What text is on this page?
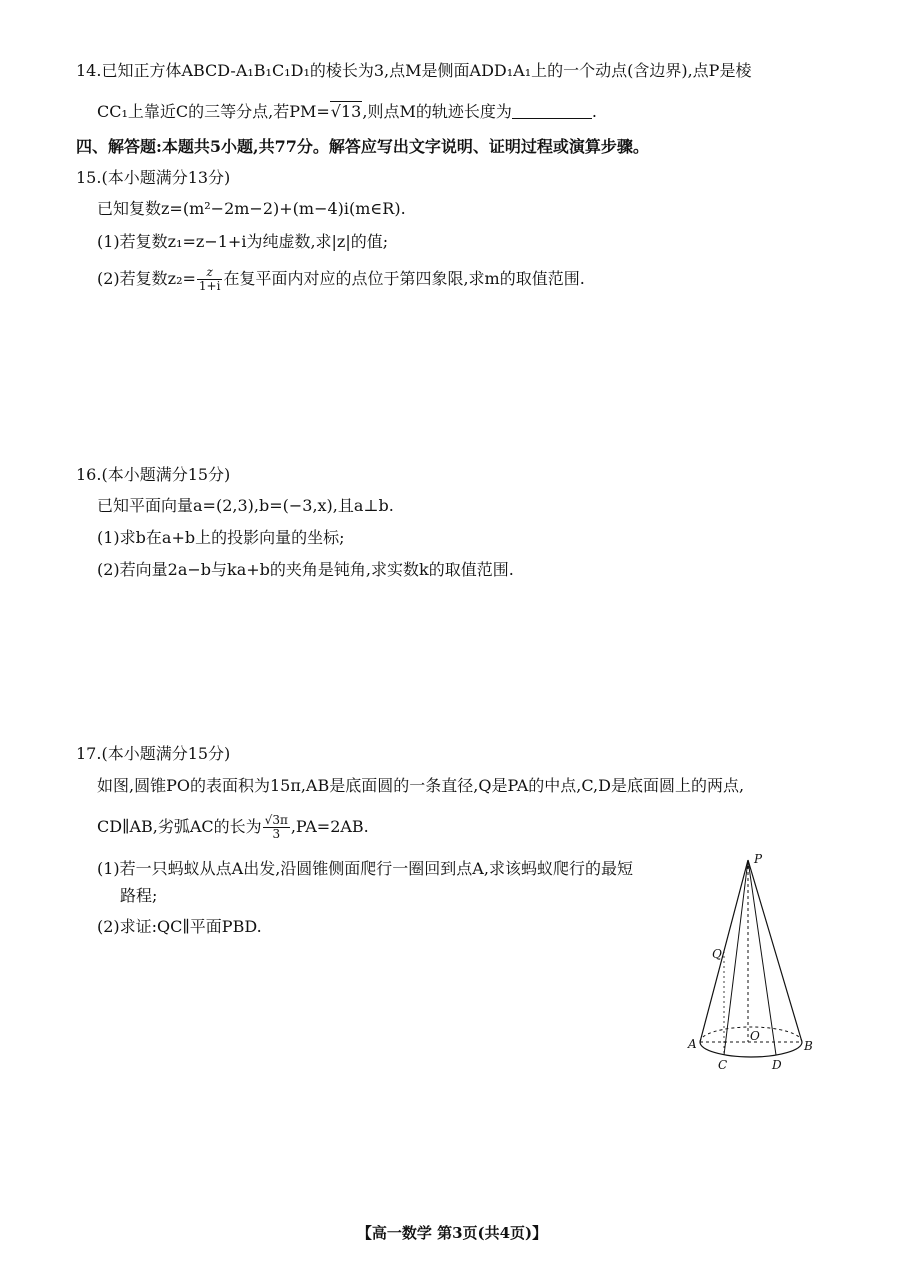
14.已知正方体ABCD-A₁B₁C₁D₁的棱长为3,点M是侧面ADD₁A₁上的一个动点(含边界),点P是棱
CC₁上靠近C的三等分点,若PM=√13,则点M的轨迹长度为	.
四、解答题:本题共5小题,共77分。解答应写出文字说明、证明过程或演算步骤。
15.(本小题满分13分)
已知复数z=(m²−2m−2)+(m−4)i(m∈R).
(1)若复数z₁=z−1+i为纯虚数,求|z|的值;
(2)若复数$z_2= \frac{z}{1+i}$ 在复平面内对应的点位于第四象限,求m的取值范围.
16.(本小题满分15分)
已知平面向量a=(2,3),b=(−3,x),且a⊥b.
(1)求b在a+b上的投影向量的坐标;
(2)若向量2a−b与ka+b的夹角是钝角,求实数k的取值范围.
17.(本小题满分15分)
如图,圆锥PO的表面积为15π,AB是底面圆的一条直径,Q是PA的中点,C,D是底面圆上的两点,
CD∥AB,劣弧AC的长为 $\frac{√3\pi}{3} ,PA=2AB$.
(1)若一只蚂蚁从点A出发,沿圆锥侧面爬行一圈回到点A,求该蚂蚁爬行的最短
路程;
(2)求证:QC∥平面PBD.
P
Q
O
A	B
C	D
【高一数学 第3页(共4页)】
